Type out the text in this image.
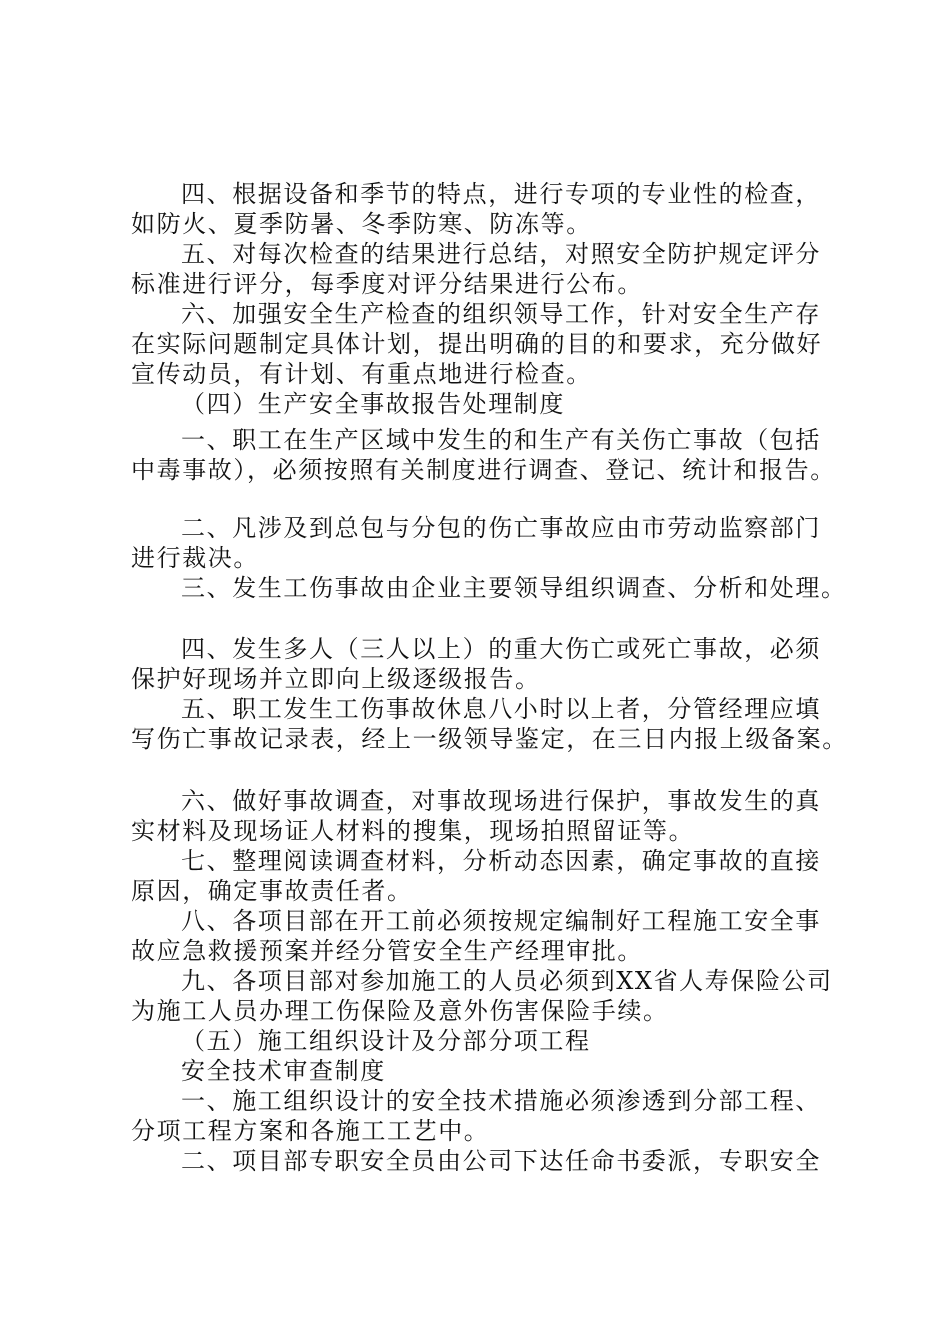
四、根据设备和季节的特点，进行专项的专业性的检查，
如防火、夏季防暑、冬季防寒、防冻等。
五、对每次检查的结果进行总结，对照安全防护规定评分
标准进行评分，每季度对评分结果进行公布。
六、加强安全生产检查的组织领导工作，针对安全生产存
在实际问题制定具体计划，提出明确的目的和要求，充分做好
宣传动员，有计划、有重点地进行检查。
（四）生产安全事故报告处理制度
一、职工在生产区域中发生的和生产有关伤亡事故（包括
中毒事故），必须按照有关制度进行调查、登记、统计和报告。
二、凡涉及到总包与分包的伤亡事故应由市劳动监察部门
进行裁决。
三、发生工伤事故由企业主要领导组织调查、分析和处理。
四、发生多人（三人以上）的重大伤亡或死亡事故，必须
保护好现场并立即向上级逐级报告。
五、职工发生工伤事故休息八小时以上者，分管经理应填
写伤亡事故记录表，经上一级领导鉴定，在三日内报上级备案。
六、做好事故调查，对事故现场进行保护，事故发生的真
实材料及现场证人材料的搜集，现场拍照留证等。
七、整理阅读调查材料，分析动态因素，确定事故的直接
原因，确定事故责任者。
八、各项目部在开工前必须按规定编制好工程施工安全事
故应急救援预案并经分管安全生产经理审批。
九、各项目部对参加施工的人员必须到XX省人寿保险公司
为施工人员办理工伤保险及意外伤害保险手续。
（五）施工组织设计及分部分项工程
安全技术审查制度
一、施工组织设计的安全技术措施必须渗透到分部工程、
分项工程方案和各施工工艺中。
二、项目部专职安全员由公司下达任命书委派，专职安全
